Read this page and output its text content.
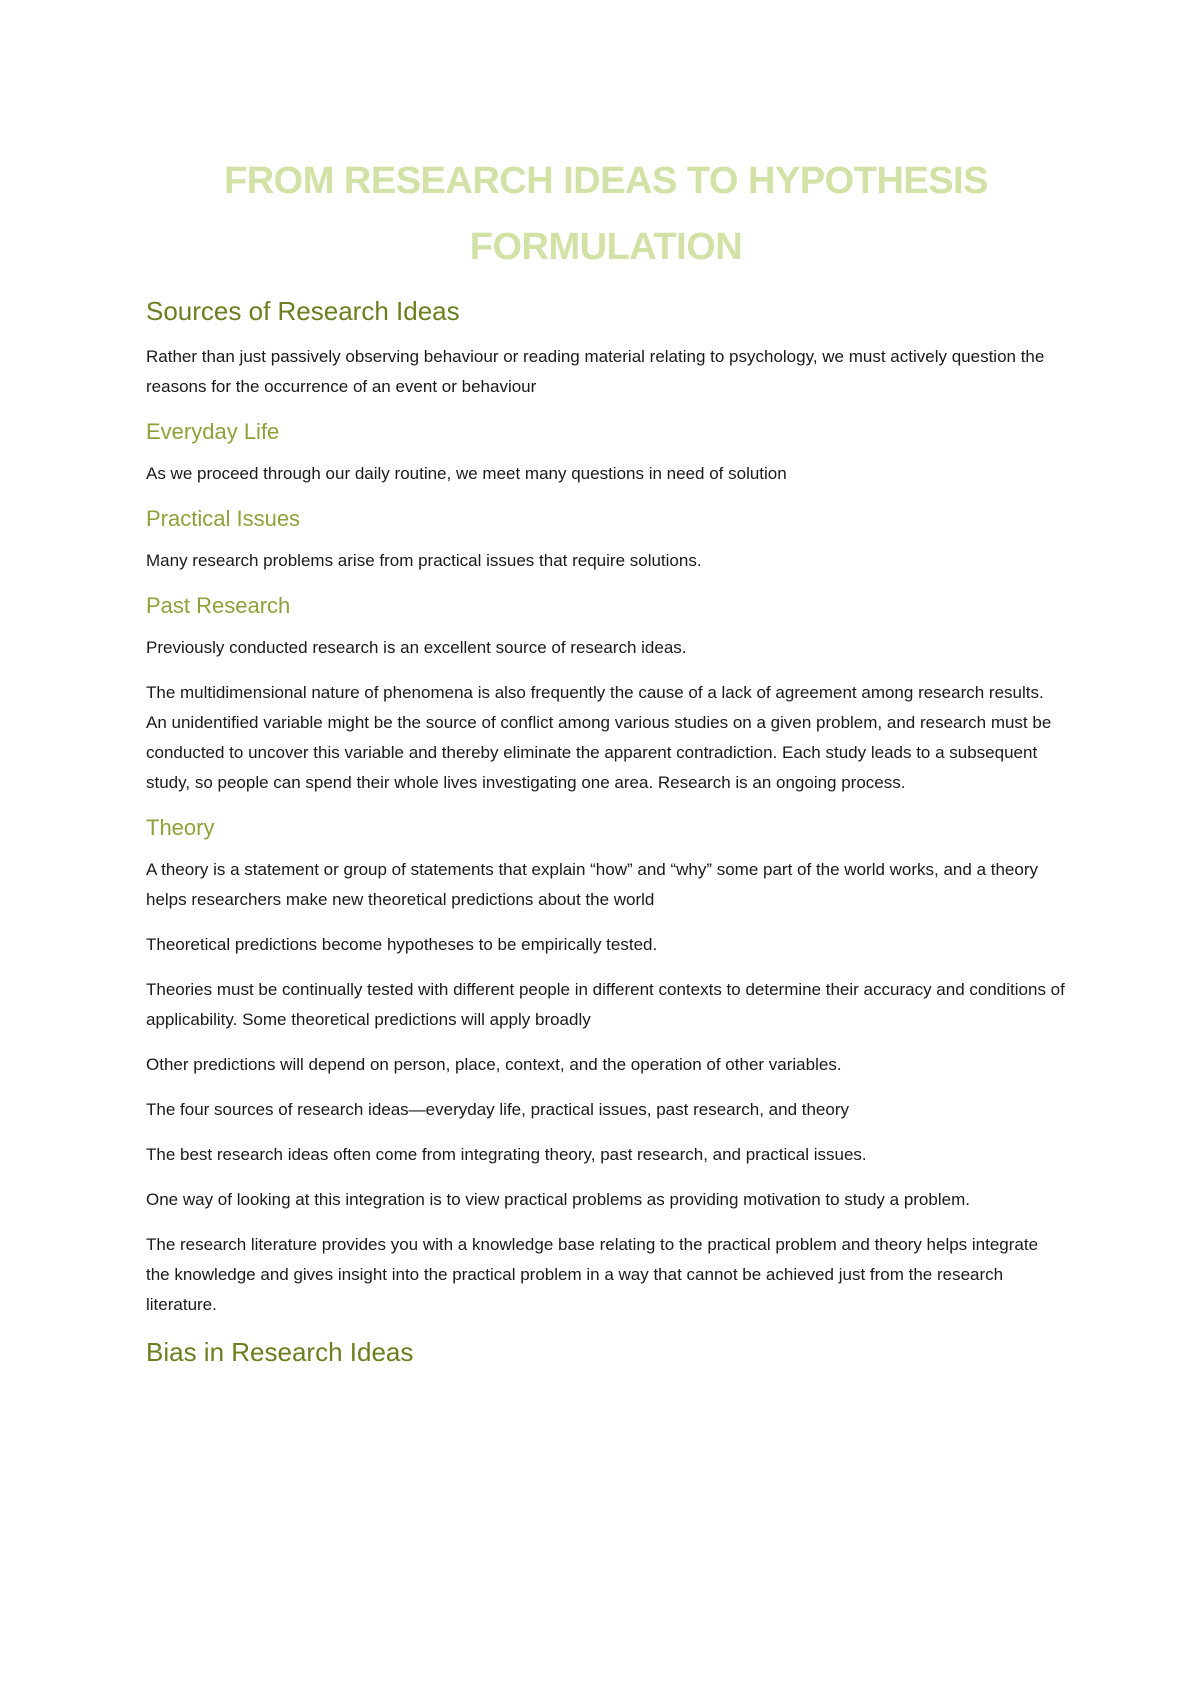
FROM RESEARCH IDEAS TO HYPOTHESIS
FORMULATION
Sources of Research Ideas

Rather than just passively observing behaviour or reading material relating to psychology, we must actively question the reasons for the occurrence of an event or behaviour

Everyday Life

As we proceed through our daily routine, we meet many questions in need of solution

Practical Issues

Many research problems arise from practical issues that require solutions.

Past Research

Previously conducted research is an excellent source of research ideas.

The multidimensional nature of phenomena is also frequently the cause of a lack of agreement among research results. An unidentified variable might be the source of conflict among various studies on a given problem, and research must be conducted to uncover this variable and thereby eliminate the apparent contradiction. Each study leads to a subsequent study, so people can spend their whole lives investigating one area. Research is an ongoing process.

Theory

A theory is a statement or group of statements that explain “how” and “why” some part of the world works, and a theory helps researchers make new theoretical predictions about the world

Theoretical predictions become hypotheses to be empirically tested.

Theories must be continually tested with different people in different contexts to determine their accuracy and conditions of applicability. Some theoretical predictions will apply broadly

Other predictions will depend on person, place, context, and the operation of other variables.

The four sources of research ideas—everyday life, practical issues, past research, and theory

The best research ideas often come from integrating theory, past research, and practical issues.

One way of looking at this integration is to view practical problems as providing motivation to study a problem.

The research literature provides you with a knowledge base relating to the practical problem and theory helps integrate the knowledge and gives insight into the practical problem in a way that cannot be achieved just from the research literature.

Bias in Research Ideas
